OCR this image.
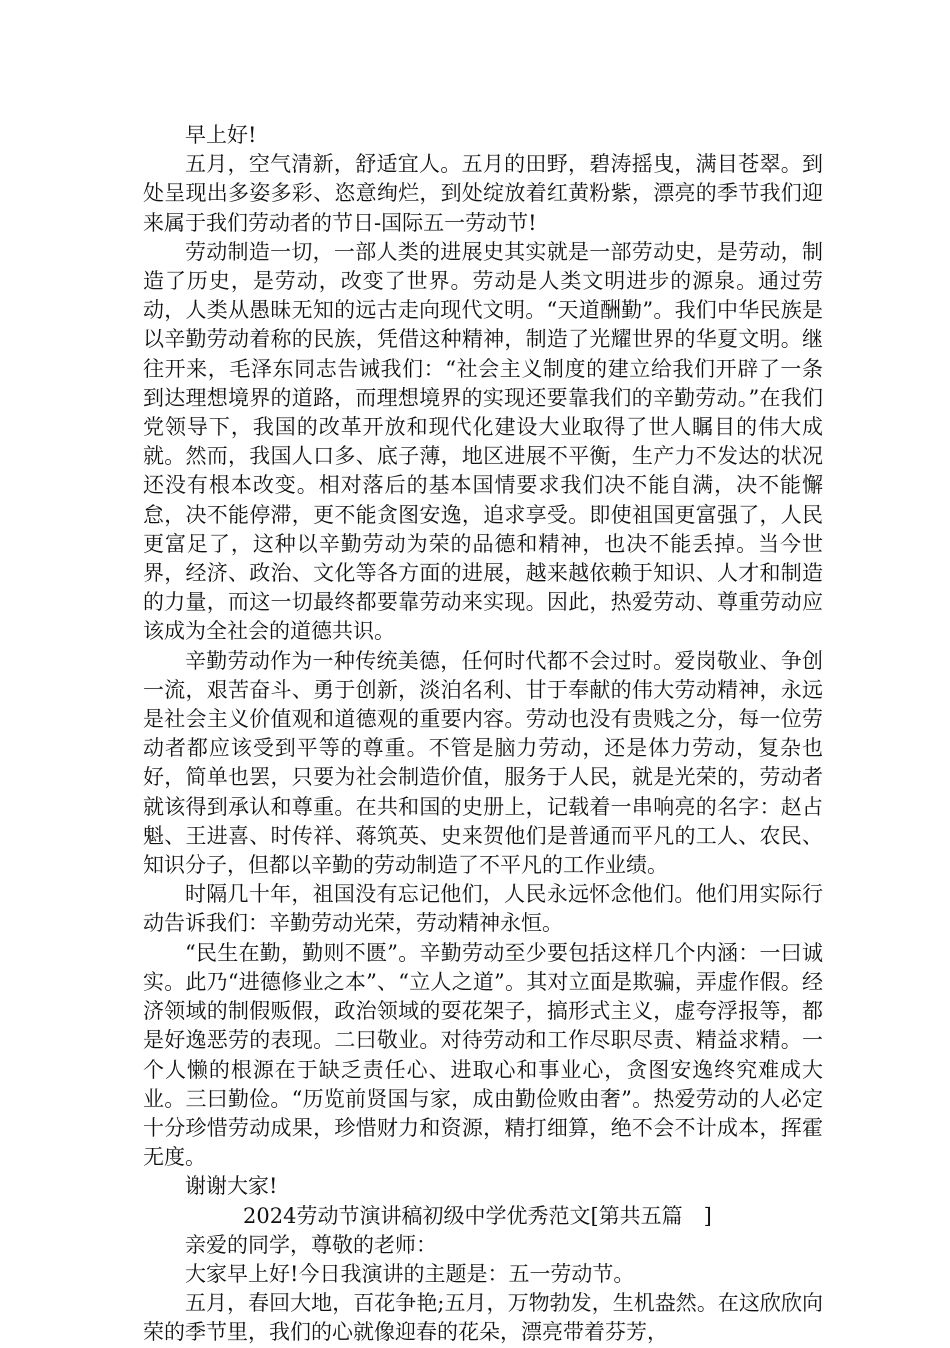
早上好!

五月，空气清新，舒适宜人。五月的田野，碧涛摇曳，满目苍翠。到处呈现出多姿多彩、恣意绚烂，到处绽放着红黄粉紫，漂亮的季节我们迎来属于我们劳动者的节日-国际五一劳动节!

劳动制造一切，一部人类的进展史其实就是一部劳动史，是劳动，制造了历史，是劳动，改变了世界。劳动是人类文明进步的源泉。通过劳动，人类从愚昧无知的远古走向现代文明。“天道酬勤”。我们中华民族是以辛勤劳动着称的民族，凭借这种精神，制造了光耀世界的华夏文明。继往开来，毛泽东同志告诫我们：“社会主义制度的建立给我们开辟了一条到达理想境界的道路，而理想境界的实现还要靠我们的辛勤劳动。”在我们党领导下，我国的改革开放和现代化建设大业取得了世人瞩目的伟大成就。然而，我国人口多、底子薄，地区进展不平衡，生产力不发达的状况还没有根本改变。相对落后的基本国情要求我们决不能自满，决不能懈怠，决不能停滞，更不能贪图安逸，追求享受。即使祖国更富强了，人民更富足了，这种以辛勤劳动为荣的品德和精神，也决不能丢掉。当今世界，经济、政治、文化等各方面的进展，越来越依赖于知识、人才和制造的力量，而这一切最终都要靠劳动来实现。因此，热爱劳动、尊重劳动应该成为全社会的道德共识。

辛勤劳动作为一种传统美德，任何时代都不会过时。爱岗敬业、争创一流，艰苦奋斗、勇于创新，淡泊名利、甘于奉献的伟大劳动精神，永远是社会主义价值观和道德观的重要内容。劳动也没有贵贱之分，每一位劳动者都应该受到平等的尊重。不管是脑力劳动，还是体力劳动，复杂也好，简单也罢，只要为社会制造价值，服务于人民，就是光荣的，劳动者就该得到承认和尊重。在共和国的史册上，记载着一串响亮的名字：赵占魁、王进喜、时传祥、蒋筑英、史来贺他们是普通而平凡的工人、农民、知识分子，但都以辛勤的劳动制造了不平凡的工作业绩。

时隔几十年，祖国没有忘记他们，人民永远怀念他们。他们用实际行动告诉我们：辛勤劳动光荣，劳动精神永恒。

“民生在勤，勤则不匮”。辛勤劳动至少要包括这样几个内涵：一曰诚实。此乃“进德修业之本”、“立人之道”。其对立面是欺骗，弄虚作假。经济领域的制假贩假，政治领域的耍花架子，搞形式主义，虚夸浮报等，都是好逸恶劳的表现。二曰敬业。对待劳动和工作尽职尽责、精益求精。一个人懒的根源在于缺乏责任心、进取心和事业心，贪图安逸终究难成大业。三曰勤俭。“历览前贤国与家，成由勤俭败由奢”。热爱劳动的人必定十分珍惜劳动成果，珍惜财力和资源，精打细算，绝不会不计成本，挥霍无度。

谢谢大家!

2024劳动节演讲稿初级中学优秀范文[第共五篇　]

亲爱的同学，尊敬的老师：

大家早上好!今日我演讲的主题是：五一劳动节。

五月，春回大地，百花争艳;五月，万物勃发，生机盎然。在这欣欣向荣的季节里，我们的心就像迎春的花朵，漂亮带着芬芳，
